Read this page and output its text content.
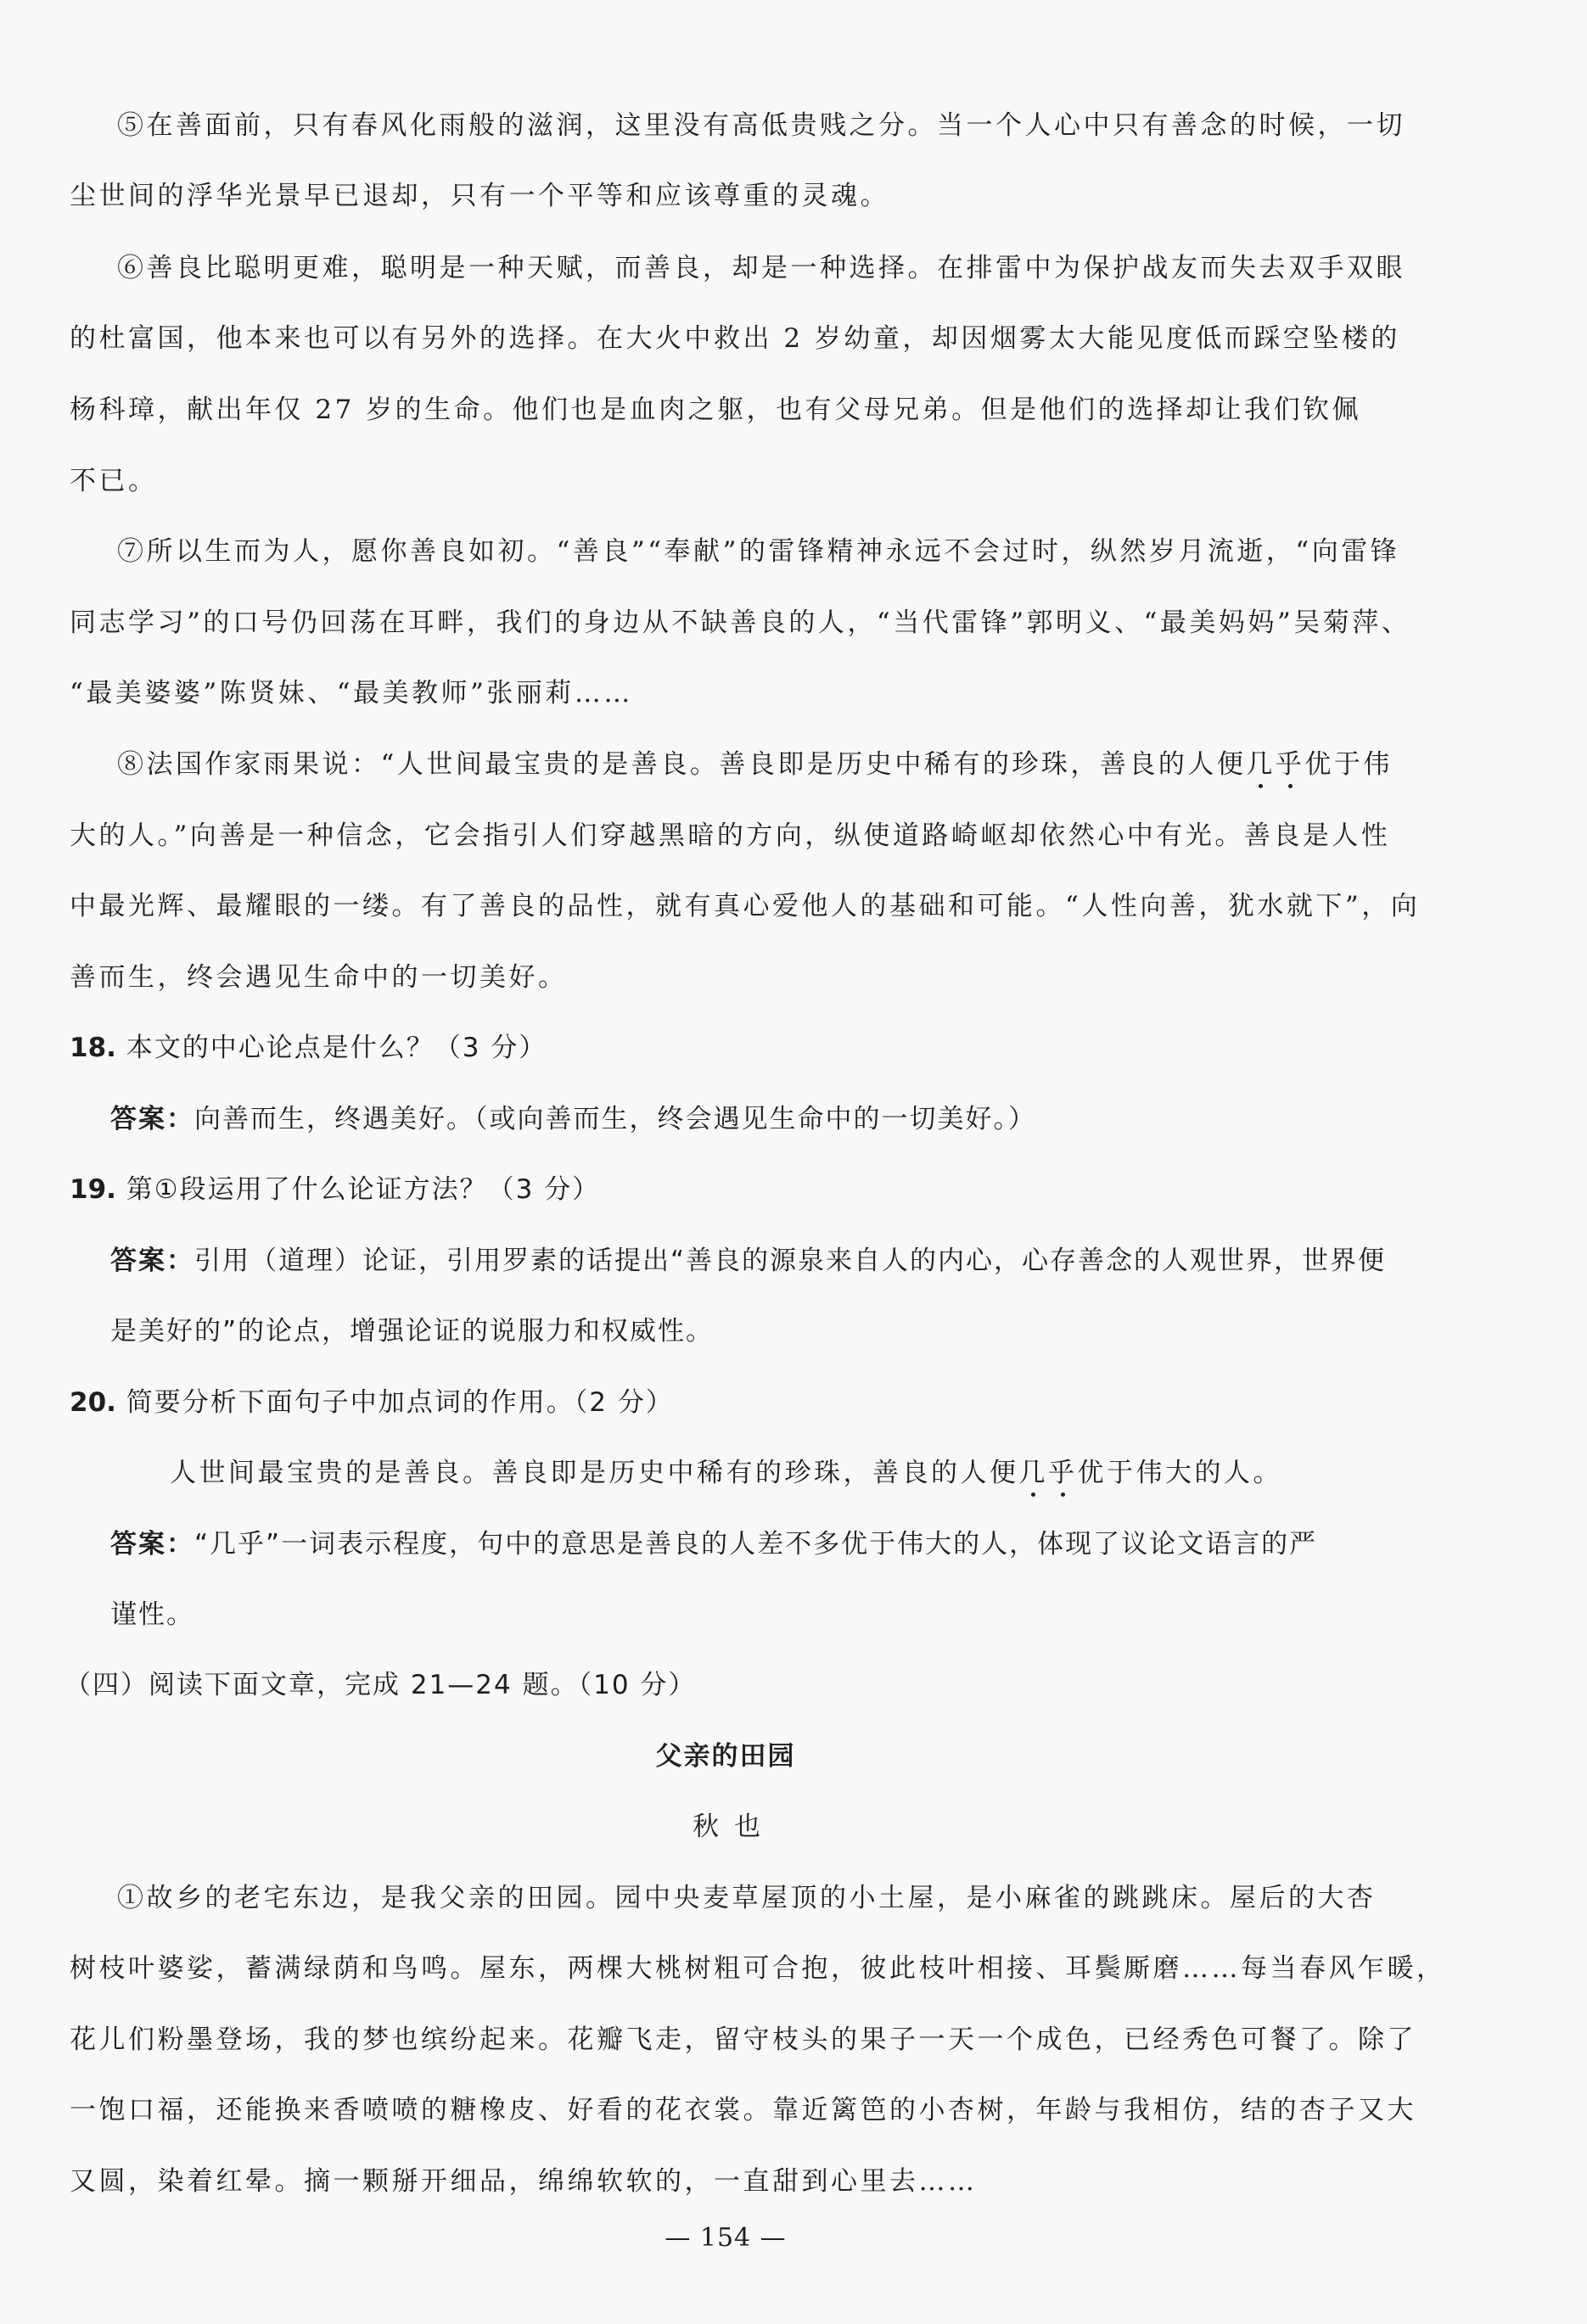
⑤在善面前，只有春风化雨般的滋润，这里没有高低贵贱之分。当一个人心中只有善念的时候，一切
尘世间的浮华光景早已退却，只有一个平等和应该尊重的灵魂。
⑥善良比聪明更难，聪明是一种天赋，而善良，却是一种选择。在排雷中为保护战友而失去双手双眼
的杜富国，他本来也可以有另外的选择。在大火中救出 2 岁幼童，却因烟雾太大能见度低而踩空坠楼的
杨科璋，献出年仅 27 岁的生命。他们也是血肉之躯，也有父母兄弟。但是他们的选择却让我们钦佩
不已。
⑦所以生而为人，愿你善良如初。“善良”“奉献”的雷锋精神永远不会过时，纵然岁月流逝，“向雷锋
同志学习”的口号仍回荡在耳畔，我们的身边从不缺善良的人，“当代雷锋”郭明义、“最美妈妈”吴菊萍、
“最美婆婆”陈贤妹、“最美教师”张丽莉……
⑧法国作家雨果说：“人世间最宝贵的是善良。善良即是历史中稀有的珍珠，善良的人便几乎优于伟
大的人。”向善是一种信念，它会指引人们穿越黑暗的方向，纵使道路崎岖却依然心中有光。善良是人性
中最光辉、最耀眼的一缕。有了善良的品性，就有真心爱他人的基础和可能。“人性向善，犹水就下”，向
善而生，终会遇见生命中的一切美好。
18. 本文的中心论点是什么？（3 分）
答案：向善而生，终遇美好。（或向善而生，终会遇见生命中的一切美好。）
19. 第①段运用了什么论证方法？（3 分）
答案：引用（道理）论证，引用罗素的话提出“善良的源泉来自人的内心，心存善念的人观世界，世界便
是美好的”的论点，增强论证的说服力和权威性。
20. 简要分析下面句子中加点词的作用。（2 分）
人世间最宝贵的是善良。善良即是历史中稀有的珍珠，善良的人便几乎优于伟大的人。
答案：“几乎”一词表示程度，句中的意思是善良的人差不多优于伟大的人，体现了议论文语言的严
谨性。
（四）阅读下面文章，完成 21—24 题。（10 分）
父亲的田园
秋也
①故乡的老宅东边，是我父亲的田园。园中央麦草屋顶的小土屋，是小麻雀的跳跳床。屋后的大杏
树枝叶婆娑，蓄满绿荫和鸟鸣。屋东，两棵大桃树粗可合抱，彼此枝叶相接、耳鬓厮磨……每当春风乍暖，
花儿们粉墨登场，我的梦也缤纷起来。花瓣飞走，留守枝头的果子一天一个成色，已经秀色可餐了。除了
一饱口福，还能换来香喷喷的糖橡皮、好看的花衣裳。靠近篱笆的小杏树，年龄与我相仿，结的杏子又大
又圆，染着红晕。摘一颗掰开细品，绵绵软软的，一直甜到心里去……
— 154 —
